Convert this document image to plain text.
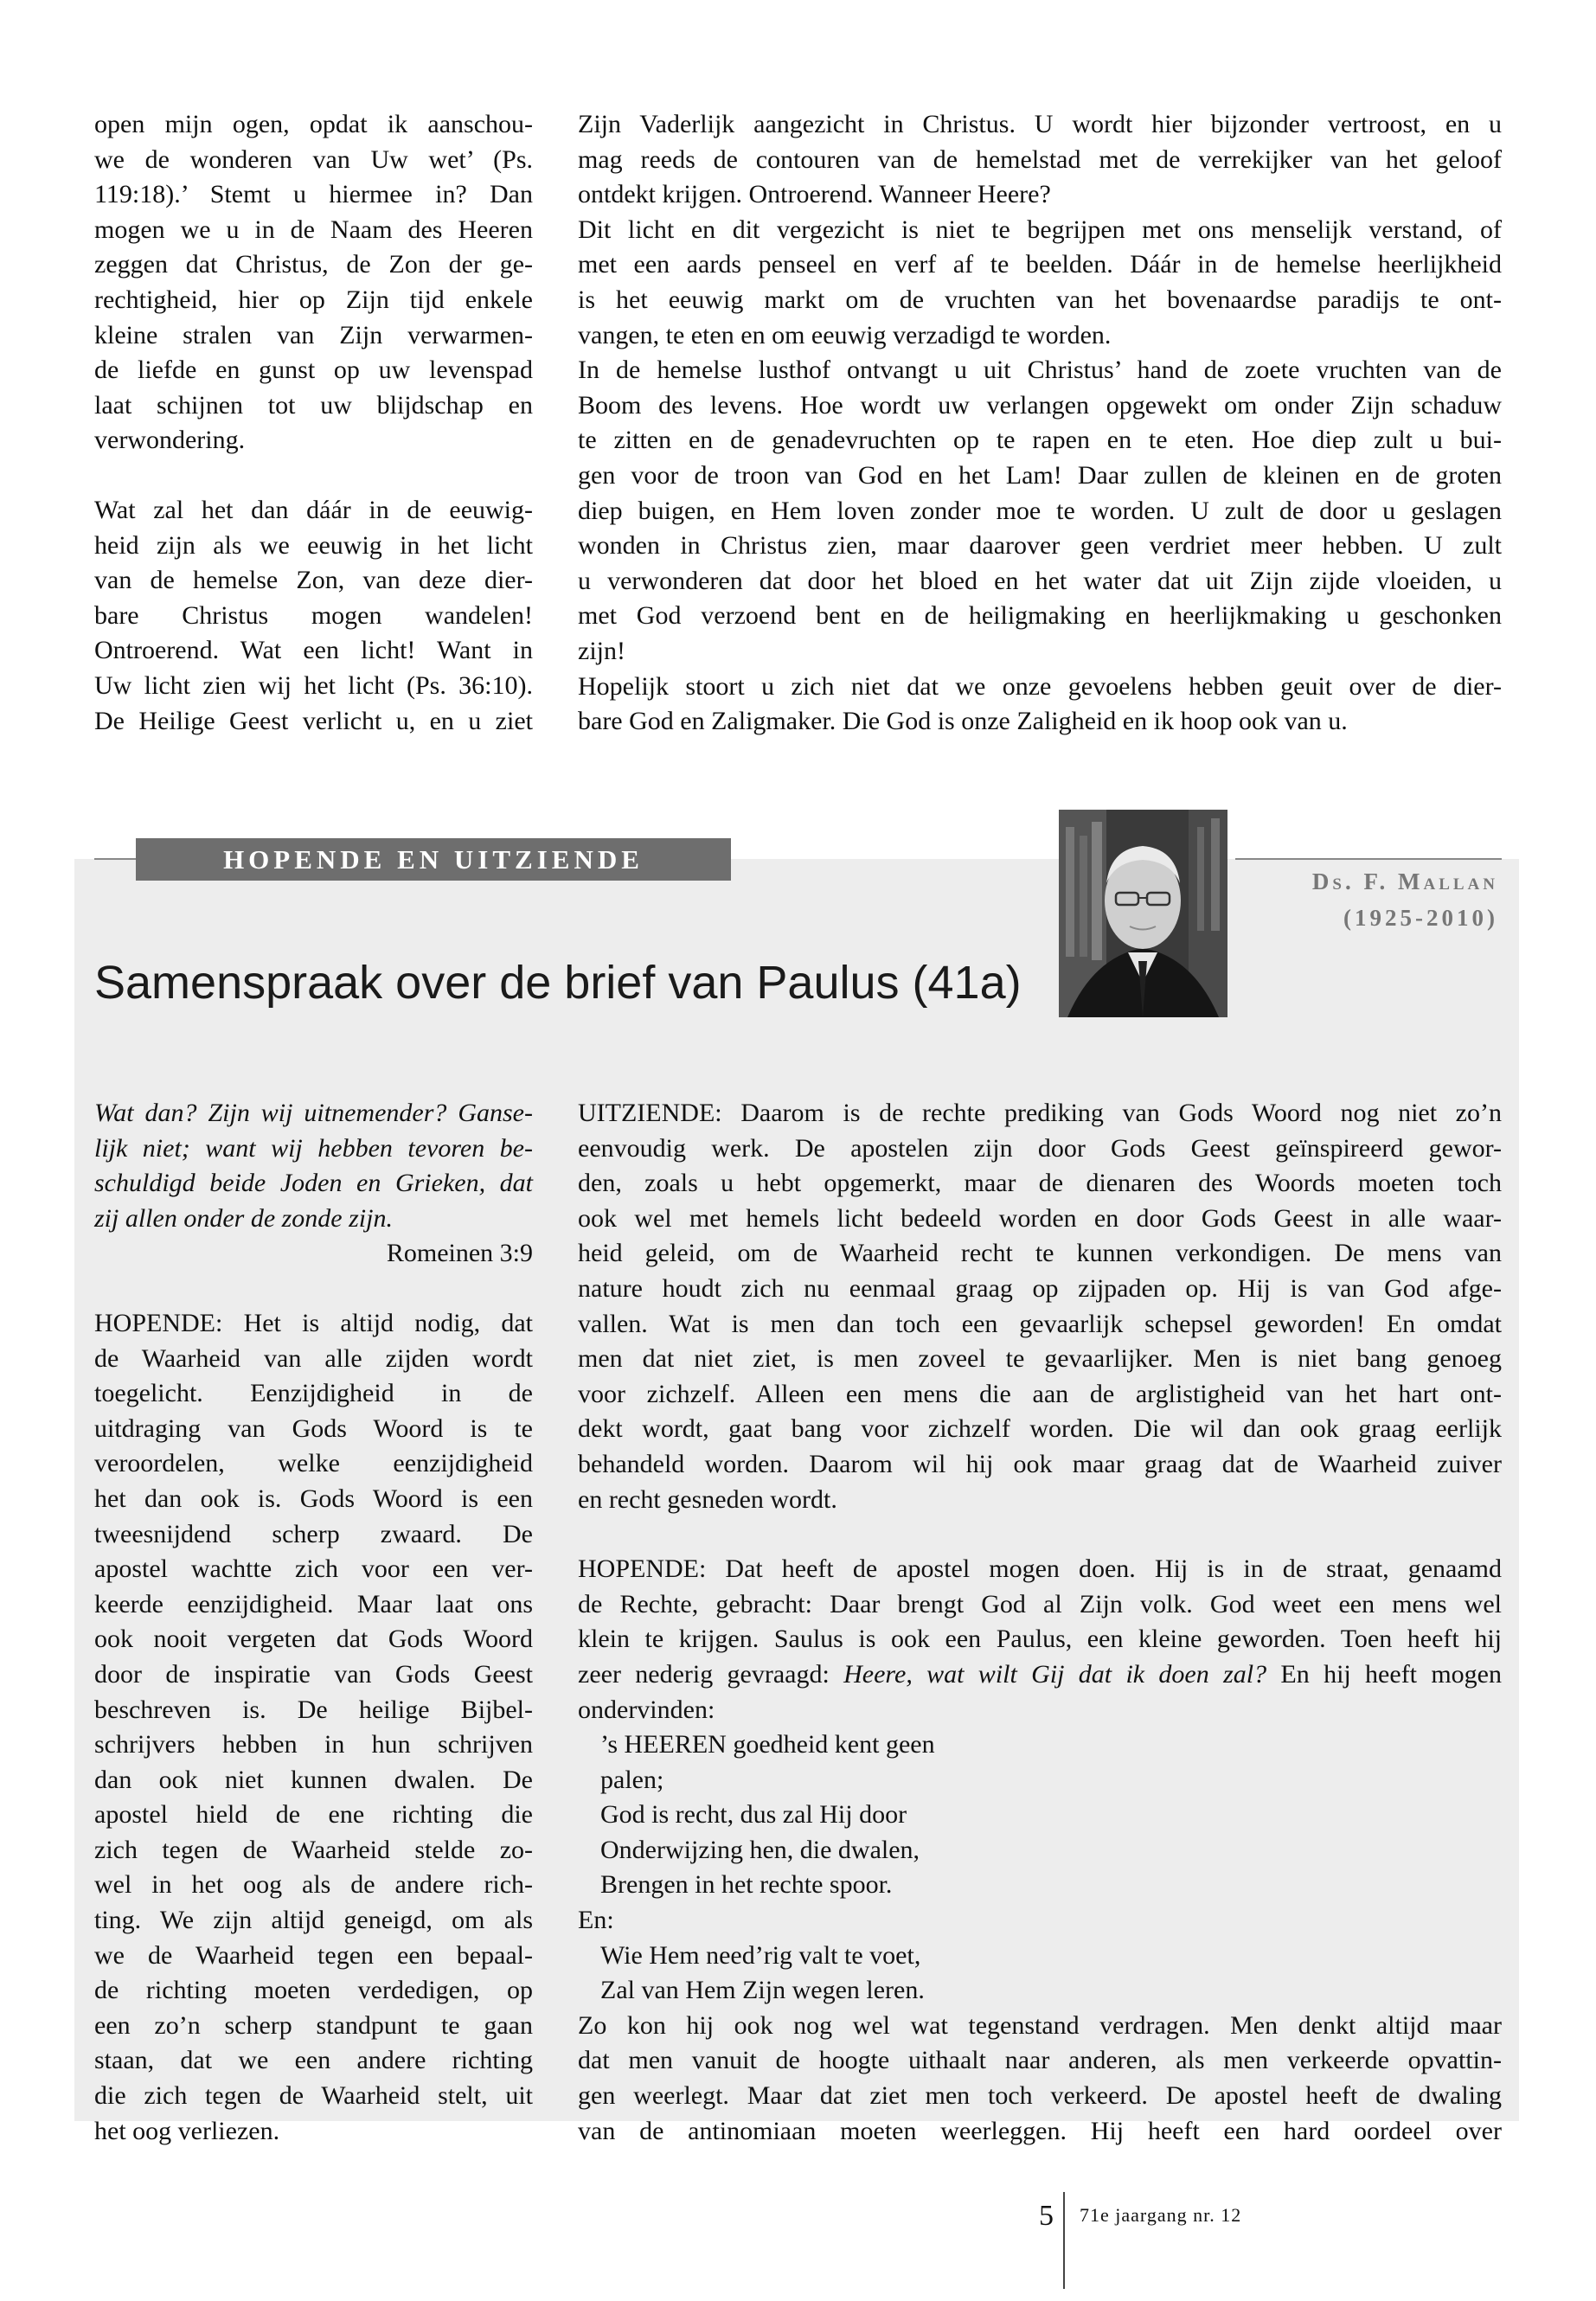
open mijn ogen, opdat ik aanschou-
we de wonderen van Uw wet’ (Ps.
119:18).’ Stemt u hiermee in? Dan
mogen we u in de Naam des Heeren
zeggen dat Christus, de Zon der ge-
rechtigheid, hier op Zijn tijd enkele
kleine stralen van Zijn verwarmen-
de liefde en gunst op uw levenspad
laat schijnen tot uw blijdschap en
verwondering.
Wat zal het dan dáár in de eeuwig-
heid zijn als we eeuwig in het licht
van de hemelse Zon, van deze dier-
bare Christus mogen wandelen!
Ontroerend. Wat een licht! Want in
Uw licht zien wij het licht (Ps. 36:10).
De Heilige Geest verlicht u, en u ziet
Zijn Vaderlijk aangezicht in Christus. U wordt hier bijzonder vertroost, en u
mag reeds de contouren van de hemelstad met de verrekijker van het geloof
ontdekt krijgen. Ontroerend. Wanneer Heere?
Dit licht en dit vergezicht is niet te begrijpen met ons menselijk verstand, of
met een aards penseel en verf af te beelden. Dáár in de hemelse heerlijkheid
is het eeuwig markt om de vruchten van het bovenaardse paradijs te ont-
vangen, te eten en om eeuwig verzadigd te worden.
In de hemelse lusthof ontvangt u uit Christus’ hand de zoete vruchten van de
Boom des levens. Hoe wordt uw verlangen opgewekt om onder Zijn schaduw
te zitten en de genadevruchten op te rapen en te eten. Hoe diep zult u bui-
gen voor de troon van God en het Lam! Daar zullen de kleinen en de groten
diep buigen, en Hem loven zonder moe te worden. U zult de door u geslagen
wonden in Christus zien, maar daarover geen verdriet meer hebben. U zult
u verwonderen dat door het bloed en het water dat uit Zijn zijde vloeiden, u
met God verzoend bent en de heiligmaking en heerlijkmaking u geschonken
zijn!
Hopelijk stoort u zich niet dat we onze gevoelens hebben geuit over de dier-
bare God en Zaligmaker. Die God is onze Zaligheid en ik hoop ook van u.
HOPENDE EN UITZIENDE
Ds. F. Mallan
(1925-2010)
Samenspraak over de brief van Paulus (41a)
Wat dan? Zijn wij uitnemender? Ganse-
lijk niet; want wij hebben tevoren be-
schuldigd beide Joden en Grieken, dat
zij allen onder de zonde zijn.
Romeinen 3:9
HOPENDE: Het is altijd nodig, dat
de Waarheid van alle zijden wordt
toegelicht. Eenzijdigheid in de
uitdraging van Gods Woord is te
veroordelen, welke eenzijdigheid
het dan ook is. Gods Woord is een
tweesnijdend scherp zwaard. De
apostel wachtte zich voor een ver-
keerde eenzijdigheid. Maar laat ons
ook nooit vergeten dat Gods Woord
door de inspiratie van Gods Geest
beschreven is. De heilige Bijbel-
schrijvers hebben in hun schrijven
dan ook niet kunnen dwalen. De
apostel hield de ene richting die
zich tegen de Waarheid stelde zo-
wel in het oog als de andere rich-
ting. We zijn altijd geneigd, om als
we de Waarheid tegen een bepaal-
de richting moeten verdedigen, op
een zo’n scherp standpunt te gaan
staan, dat we een andere richting
die zich tegen de Waarheid stelt, uit
het oog verliezen.
UITZIENDE: Daarom is de rechte prediking van Gods Woord nog niet zo’n
eenvoudig werk. De apostelen zijn door Gods Geest geïnspireerd gewor-
den, zoals u hebt opgemerkt, maar de dienaren des Woords moeten toch
ook wel met hemels licht bedeeld worden en door Gods Geest in alle waar-
heid geleid, om de Waarheid recht te kunnen verkondigen. De mens van
nature houdt zich nu eenmaal graag op zijpaden op. Hij is van God afge-
vallen. Wat is men dan toch een gevaarlijk schepsel geworden! En omdat
men dat niet ziet, is men zoveel te gevaarlijker. Men is niet bang genoeg
voor zichzelf. Alleen een mens die aan de arglistigheid van het hart ont-
dekt wordt, gaat bang voor zichzelf worden. Die wil dan ook graag eerlijk
behandeld worden. Daarom wil hij ook maar graag dat de Waarheid zuiver
en recht gesneden wordt.
HOPENDE: Dat heeft de apostel mogen doen. Hij is in de straat, genaamd
de Rechte, gebracht: Daar brengt God al Zijn volk. God weet een mens wel
klein te krijgen. Saulus is ook een Paulus, een kleine geworden. Toen heeft hij
zeer nederig gevraagd: Heere, wat wilt Gij dat ik doen zal? En hij heeft mogen
ondervinden:
’s HEEREN goedheid kent geen
palen;
God is recht, dus zal Hij door
Onderwijzing hen, die dwalen,
Brengen in het rechte spoor.
En:
Wie Hem need’rig valt te voet,
Zal van Hem Zijn wegen leren.
Zo kon hij ook nog wel wat tegenstand verdragen. Men denkt altijd maar
dat men vanuit de hoogte uithaalt naar anderen, als men verkeerde opvattin-
gen weerlegt. Maar dat ziet men toch verkeerd. De apostel heeft de dwaling
van de antinomiaan moeten weerleggen. Hij heeft een hard oordeel over
5 71e jaargang nr. 12
